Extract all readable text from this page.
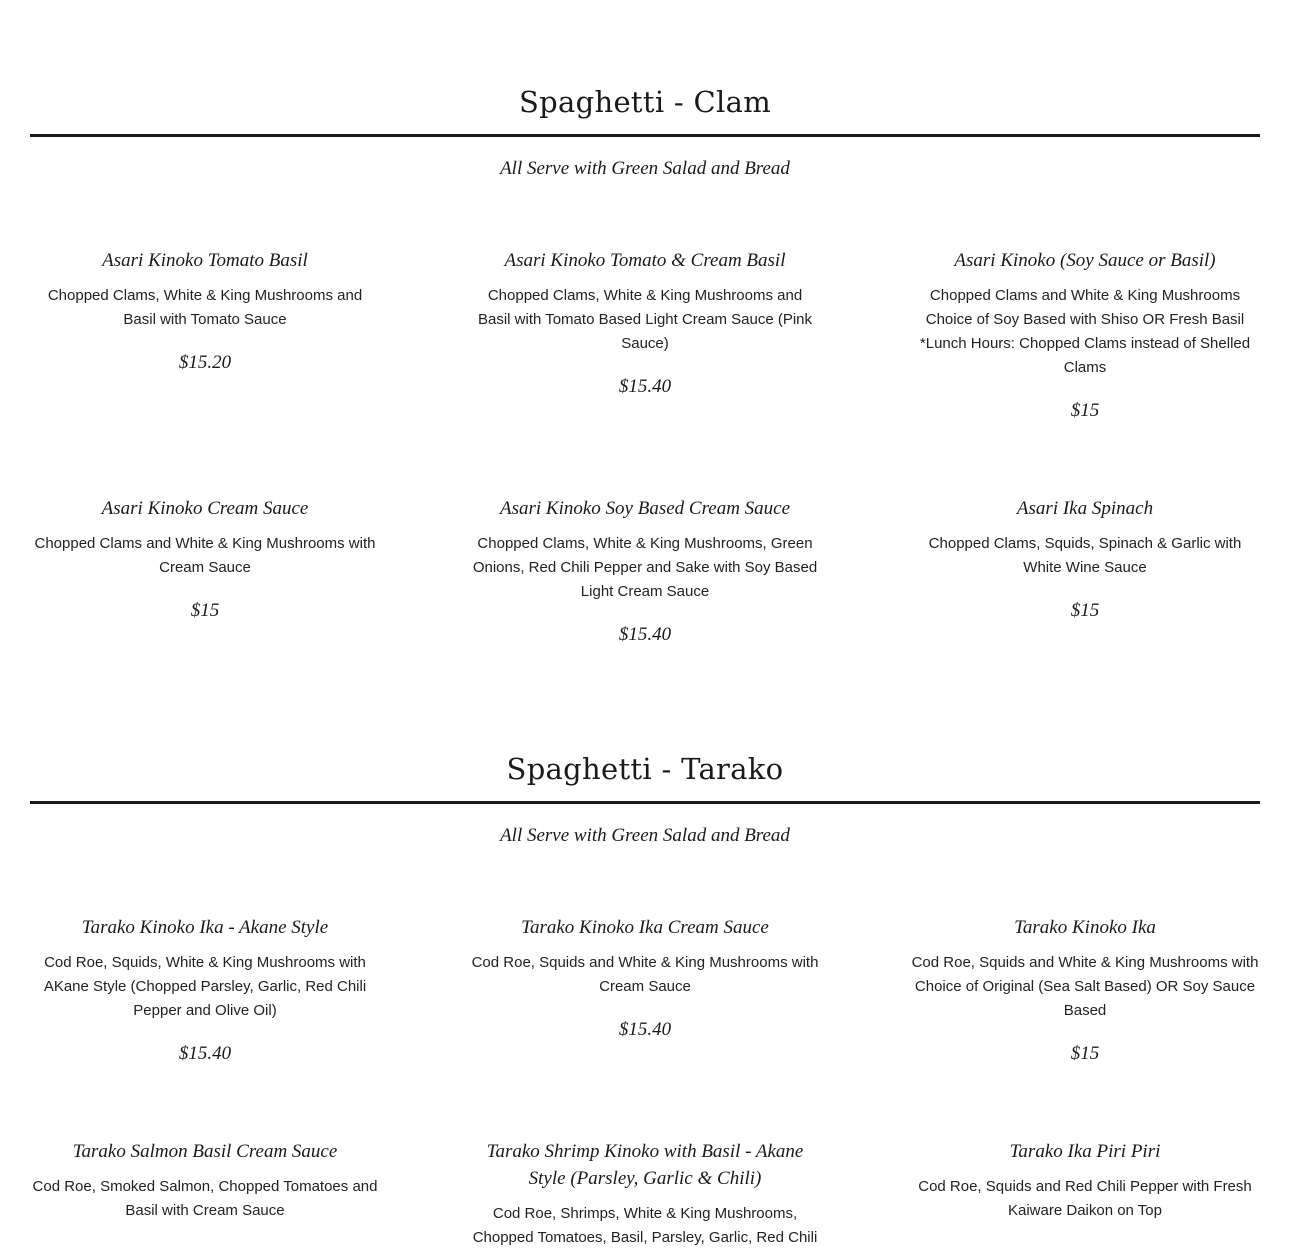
Spaghetti - Clam

All Serve with Green Salad and Bread

Asari Kinoko Tomato Basil

Chopped Clams, White & King Mushrooms and Basil with Tomato Sauce

$15.20

Asari Kinoko Tomato & Cream Basil

Chopped Clams, White & King Mushrooms and Basil with Tomato Based Light Cream Sauce (Pink Sauce)

$15.40

Asari Kinoko (Soy Sauce or Basil)

Chopped Clams and White & King Mushrooms Choice of Soy Based with Shiso OR Fresh Basil *Lunch Hours: Chopped Clams instead of Shelled Clams

$15

Asari Kinoko Cream Sauce

Chopped Clams and White & King Mushrooms with Cream Sauce

$15

Asari Kinoko Soy Based Cream Sauce

Chopped Clams, White & King Mushrooms, Green Onions, Red Chili Pepper and Sake with Soy Based Light Cream Sauce

$15.40

Asari Ika Spinach

Chopped Clams, Squids, Spinach & Garlic with White Wine Sauce

$15

Spaghetti - Tarako

All Serve with Green Salad and Bread

Tarako Kinoko Ika - Akane Style

Cod Roe, Squids, White & King Mushrooms with AKane Style (Chopped Parsley, Garlic, Red Chili Pepper and Olive Oil)

$15.40

Tarako Kinoko Ika Cream Sauce

Cod Roe, Squids and White & King Mushrooms with Cream Sauce

$15.40

Tarako Kinoko Ika

Cod Roe, Squids and White & King Mushrooms with Choice of Original (Sea Salt Based) OR Soy Sauce Based

$15

Tarako Salmon Basil Cream Sauce

Cod Roe, Smoked Salmon, Chopped Tomatoes and Basil with Cream Sauce

Tarako Shrimp Kinoko with Basil - Akane Style (Parsley, Garlic & Chili)

Cod Roe, Shrimps, White & King Mushrooms, Chopped Tomatoes, Basil, Parsley, Garlic, Red Chili

Tarako Ika Piri Piri

Cod Roe, Squids and Red Chili Pepper with Fresh Kaiware Daikon on Top
